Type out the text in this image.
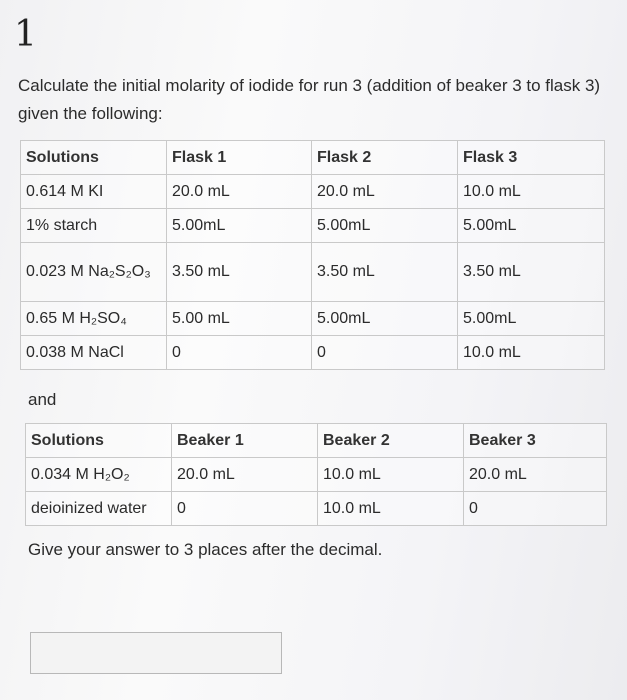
1
Calculate the initial molarity of iodide for run 3 (addition of beaker 3 to flask 3) given the following:
Solutions	Flask 1	Flask 2	Flask 3
0.614 M KI	20.0 mL	20.0 mL	10.0 mL
1% starch	5.00mL	5.00mL	5.00mL
0.023 M Na₂S₂O₃	3.50 mL	3.50 mL	3.50 mL
0.65 M H₂SO₄	5.00 mL	5.00mL	5.00mL
0.038 M NaCl	0	0	10.0 mL
and
Solutions	Beaker 1	Beaker 2	Beaker 3
0.034 M H₂O₂	20.0 mL	10.0 mL	20.0 mL
deioinized water	0	10.0 mL	0
Give your answer to 3 places after the decimal.
